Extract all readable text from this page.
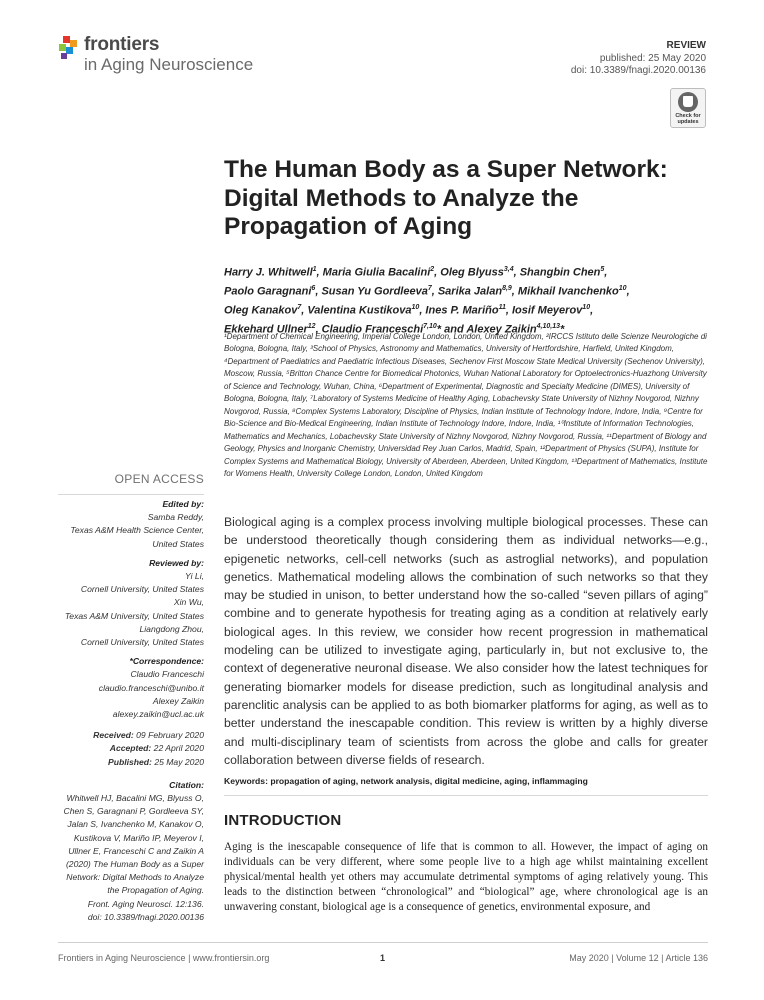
frontiers
in Aging Neuroscience
REVIEW
published: 25 May 2020
doi: 10.3389/fnagi.2020.00136
Check for
updates
The Human Body as a Super Network: Digital Methods to Analyze the Propagation of Aging
Harry J. Whitwell$^1$, Maria Giulia Bacalini$^2$, Oleg Blyuss$^{3,4}$, Shangbin Chen$^5$,
Paolo Garagnani$^6$, Susan Yu Gordleeva$^7$, Sarika Jalan$^{8,9}$, Mikhail Ivanchenko$^{10}$,
Oleg Kanakov$^7$, Valentina Kustikova$^{10}$, Ines P. Mariño$^{11}$, Iosif Meyerov$^{10}$,
Ekkehard Ullner$^{12}$, Claudio Franceschi$^{7,10}$* and Alexey Zaikin$^{4,10,13}$*

¹Department of Chemical Engineering, Imperial College London, London, United Kingdom, ²IRCCS Istituto delle Scienze Neurologiche di Bologna, Bologna, Italy, ³School of Physics, Astronomy and Mathematics, University of Hertfordshire, Harfield, United Kingdom, ⁴Department of Paediatrics and Paediatric Infectious Diseases, Sechenov First Moscow State Medical University (Sechenov University), Moscow, Russia, ⁵Britton Chance Centre for Biomedical Photonics, Wuhan National Laboratory for Optoelectronics-Huazhong University of Science and Technology, Wuhan, China, ⁶Department of Experimental, Diagnostic and Specialty Medicine (DIMES), University of Bologna, Bologna, Italy, ⁷Laboratory of Systems Medicine of Healthy Aging, Lobachevsky State University of Nizhny Novgorod, Nizhny Novgorod, Russia, ⁸Complex Systems Laboratory, Discipline of Physics, Indian Institute of Technology Indore, Indore, India, ⁹Centre for Bio-Science and Bio-Medical Engineering, Indian Institute of Technology Indore, Indore, India, ¹⁰Institute of Information Technologies, Mathematics and Mechanics, Lobachevsky State University of Nizhny Novgorod, Nizhny Novgorod, Russia, ¹¹Department of Biology and Geology, Physics and Inorganic Chemistry, Universidad Rey Juan Carlos, Madrid, Spain, ¹²Department of Physics (SUPA), Institute for Complex Systems and Mathematical Biology, University of Aberdeen, Aberdeen, United Kingdom, ¹³Department of Mathematics, Institute for Womens Health, University College London, London, United Kingdom

OPEN ACCESS
Edited by:
Samba Reddy,
Texas A&M Health Science Center,
United States
Reviewed by:
Yi Li,
Cornell University, United States
Xin Wu,
Texas A&M University, United States
Liangdong Zhou,
Cornell University, United States
*Correspondence:
Claudio Franceschi
claudio.franceschi@unibo.it
Alexey Zaikin
alexey.zaikin@ucl.ac.uk
Received: 09 February 2020
Accepted: 22 April 2020
Published: 25 May 2020
Citation:
Whitwell HJ, Bacalini MG, Blyuss O,
Chen S, Garagnani P, Gordleeva SY,
Jalan S, Ivanchenko M, Kanakov O,
Kustikova V, Mariño IP, Meyerov I,
Ullner E, Franceschi C and Zaikin A
(2020) The Human Body as a Super
Network: Digital Methods to Analyze
the Propagation of Aging.
Front. Aging Neurosci. 12:136.
doi: 10.3389/fnagi.2020.00136

Biological aging is a complex process involving multiple biological processes. These can be understood theoretically though considering them as individual networks—e.g., epigenetic networks, cell-cell networks (such as astroglial networks), and population genetics. Mathematical modeling allows the combination of such networks so that they may be studied in unison, to better understand how the so-called “seven pillars of aging” combine and to generate hypothesis for treating aging as a condition at relatively early biological ages. In this review, we consider how recent progression in mathematical modeling can be utilized to investigate aging, particularly in, but not exclusive to, the context of degenerative neuronal disease. We also consider how the latest techniques for generating biomarker models for disease prediction, such as longitudinal analysis and parenclitic analysis can be applied to as both biomarker platforms for aging, as well as to better understand the inescapable condition. This review is written by a highly diverse and multi-disciplinary team of scientists from across the globe and calls for greater collaboration between diverse fields of research.

Keywords: propagation of aging, network analysis, digital medicine, aging, inflammaging
INTRODUCTION

Aging is the inescapable consequence of life that is common to all. However, the impact of aging on individuals can be very different, where some people live to a high age whilst maintaining excellent physical/mental health yet others may accumulate detrimental symptoms of aging relatively young. This leads to the distinction between “chronological” and “biological” age, where chronological age is an unwavering constant, biological age is a consequence of genetics, environmental exposure, and

Frontiers in Aging Neuroscience | www.frontiersin.org	1	May 2020 | Volume 12 | Article 136
